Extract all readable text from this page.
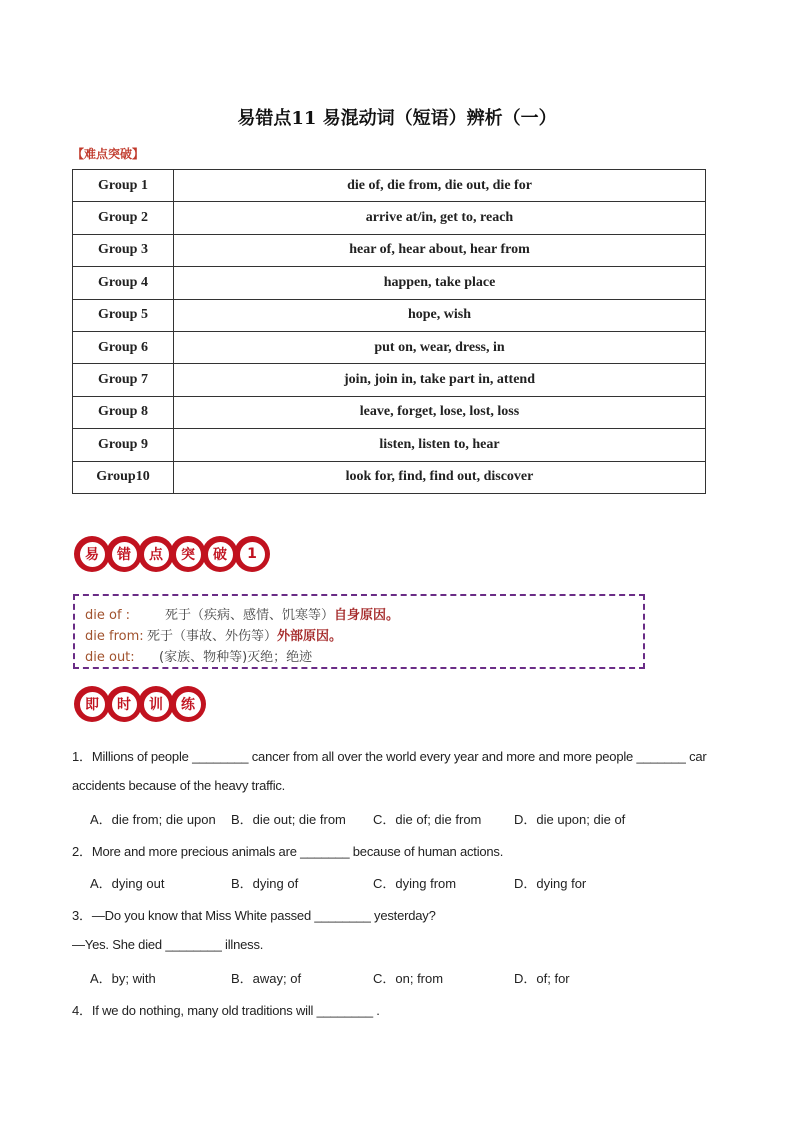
易错点11 易混动词（短语）辨析（一）
【难点突破】
Group 1	die of, die from, die out, die for
Group 2	arrive at/in, get to, reach
Group 3	hear of, hear about, hear from
Group 4	happen, take place
Group 5	hope, wish
Group 6	put on, wear, dress, in
Group 7	join, join in, take part in, attend
Group 8	leave, forget, lose, lost, loss
Group 9	listen, listen to, hear
Group10	look for, find, find out, discover
易	错	点	突	破	1
die of :	死于（疾病、感情、饥寒等）自身原因。
die from: 死于（事故、外伤等）外部原因。
die out: (家族、物种等)灭绝；绝迹
即	时	训	练
1．Millions of people ________ cancer from all over the world every year and more and more people _______ car
accidents because of the heavy traffic.
A．die from; die upon B．die out; die from C．die of; die from	D．die upon; die of
2．More and more precious animals are _______ because of human actions.
A．dying out	B．dying of	C．dying from	D．dying for
3．—Do you know that Miss White passed ________ yesterday?
—Yes. She died ________ illness.
A．by; with	B．away; of	C．on; from	D．of; for
4．If we do nothing, many old traditions will ________ .
